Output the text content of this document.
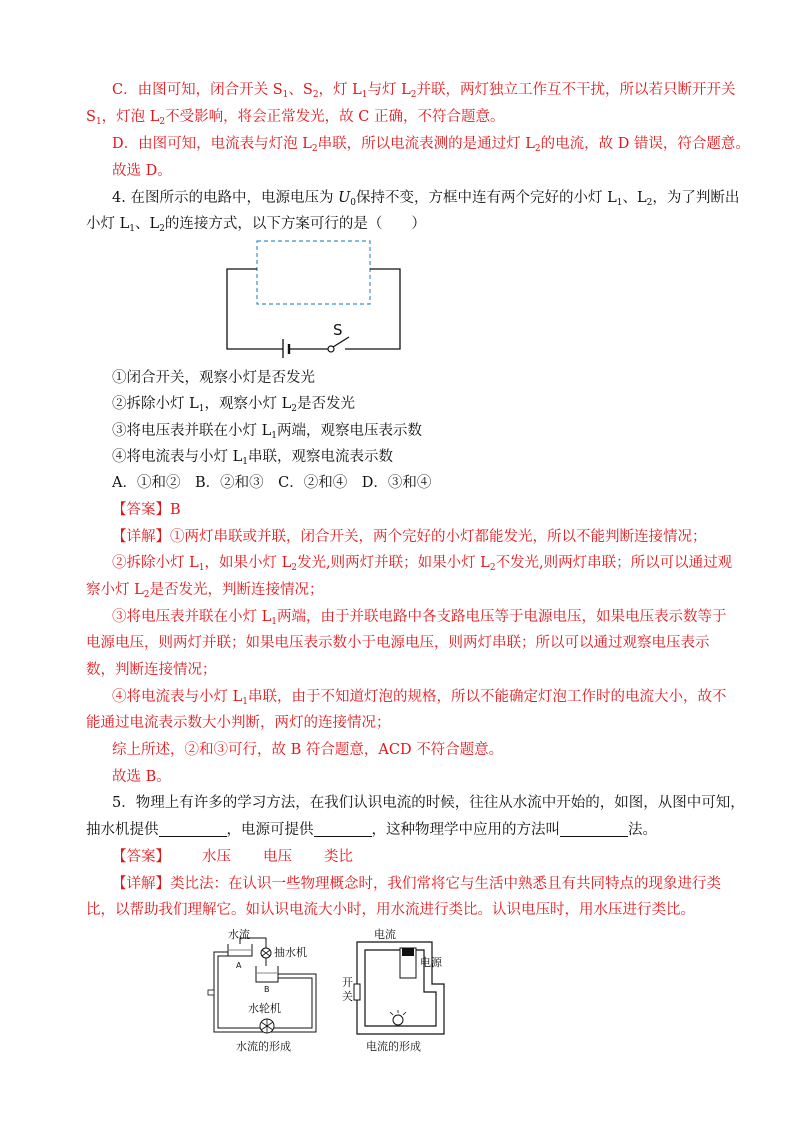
C．由图可知，闭合开关 $S_1$、$S_2$，灯 $L_1$与灯 $L_2$并联，两灯独立工作互不干扰，所以若只断开开关
$S_1$，灯泡 $L_2$不受影响，将会正常发光，故 C 正确，不符合题意。
D．由图可知，电流表与灯泡 $L_2$串联，所以电流表测的是通过灯 $L_2$的电流，故 D 错误，符合题意。
故选 D。
4. 在图所示的电路中，电源电压为 $U_0$保持不变，方框中连有两个完好的小灯 $L_1$、$L_2$，为了判断出
小灯 $L_1$、$L_2$的连接方式，以下方案可行的是（　　）
S
①闭合开关，观察小灯是否发光
②拆除小灯 $L_1$，观察小灯 $L_2$是否发光
③将电压表并联在小灯 $L_1$两端，观察电压表示数
④将电流表与小灯 $L_1$串联，观察电流表示数
A．①和②　B．②和③　C．②和④　D．③和④
【答案】B
【详解】①两灯串联或并联，闭合开关，两个完好的小灯都能发光，所以不能判断连接情况；
②拆除小灯 $L_1$，如果小灯 $L_2$发光,则两灯并联；如果小灯 $L_2$不发光,则两灯串联；所以可以通过观
察小灯 $L_2$是否发光，判断连接情况；
③将电压表并联在小灯 $L_1$两端，由于并联电路中各支路电压等于电源电压，如果电压表示数等于
电源电压，则两灯并联；如果电压表示数小于电源电压，则两灯串联；所以可以通过观察电压表示
数，判断连接情况；
④将电流表与小灯 $L_1$串联，由于不知道灯泡的规格，所以不能确定灯泡工作时的电流大小，故不
能通过电流表示数大小判断，两灯的连接情况；
综上所述，②和③可行，故 B 符合题意，ACD 不符合题意。
故选 B。
5．物理上有许多的学习方法，在我们认识电流的时候，往往从水流中开始的，如图，从图中可知，
抽水机提供	，电源可提供	，这种物理学中应用的方法叫	法。
【答案】 水压 电压 类比
【详解】类比法：在认识一些物理概念时，我们常将它与生活中熟悉且有共同特点的现象进行类
比，以帮助我们理解它。如认识电流大小时，用水流进行类比。认识电压时，用水压进行类比。
水流
A
抽水机
B
水轮机
水流的形成
电流
电源
开
关
电流的形成
